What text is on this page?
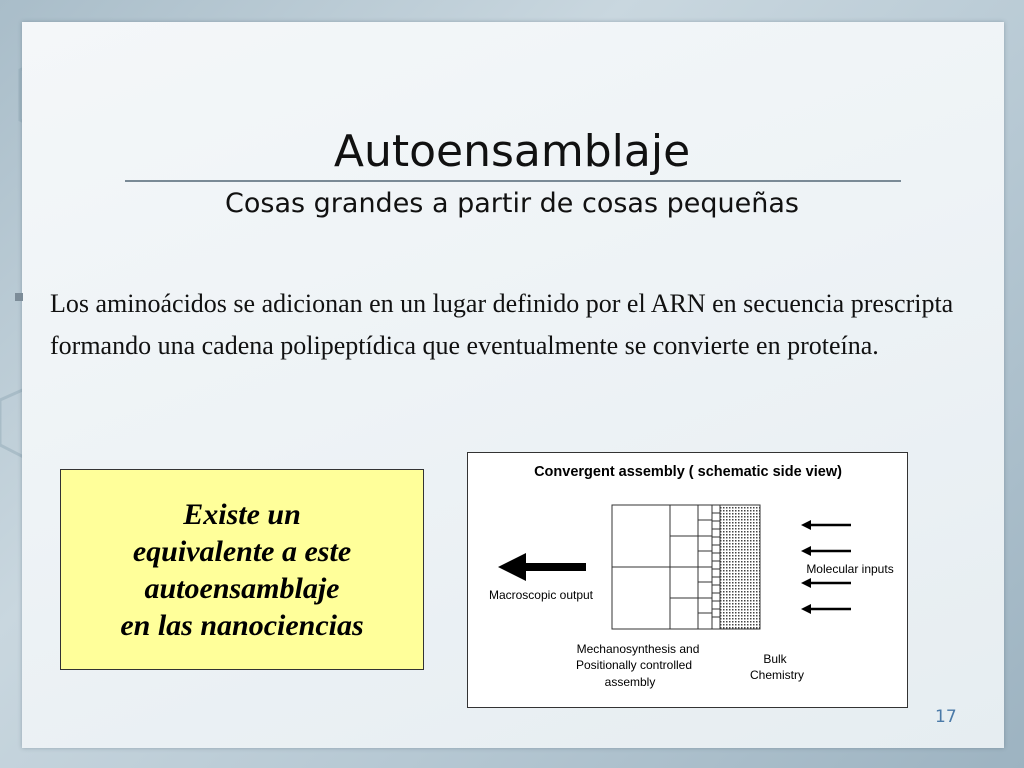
Autoensamblaje
Cosas grandes a partir de cosas pequeñas
Los aminoácidos se adicionan en un lugar definido por el ARN en secuencia prescripta formando una cadena polipeptídica que eventualmente se convierte en proteína.
Existe un
equivalente a este
autoensamblaje
en las nanociencias
Convergent assembly ( schematic side view)
Molecular inputs
Macroscopic output
Mechanosynthesis and
Positionally controlled
assembly
Bulk
Chemistry
17
